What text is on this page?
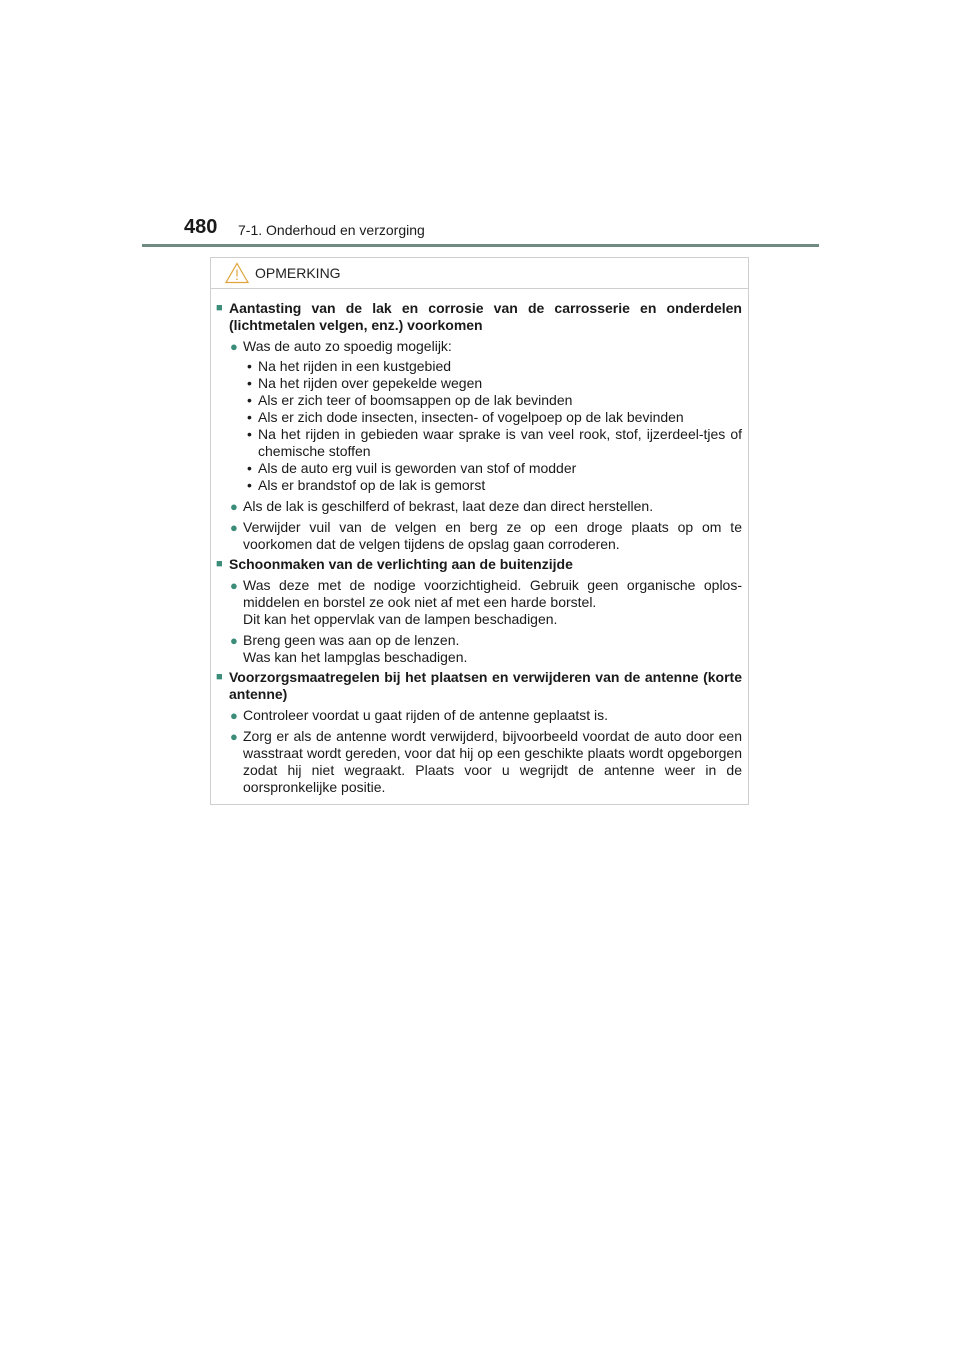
480 7-1. Onderhoud en verzorging
OPMERKING
■ Aantasting van de lak en corrosie van de carrosserie en onderdelen (lichtmetalen velgen, enz.) voorkomen
● Was de auto zo spoedig mogelijk:
• Na het rijden in een kustgebied
• Na het rijden over gepekelde wegen
• Als er zich teer of boomsappen op de lak bevinden
• Als er zich dode insecten, insecten- of vogelpoep op de lak bevinden
• Na het rijden in gebieden waar sprake is van veel rook, stof, ijzerdeel-tjes of chemische stoffen
• Als de auto erg vuil is geworden van stof of modder
• Als er brandstof op de lak is gemorst
● Als de lak is geschilferd of bekrast, laat deze dan direct herstellen.
● Verwijder vuil van de velgen en berg ze op een droge plaats op om te voorkomen dat de velgen tijdens de opslag gaan corroderen.
■ Schoonmaken van de verlichting aan de buitenzijde
● Was deze met de nodige voorzichtigheid. Gebruik geen organische oplos-middelen en borstel ze ook niet af met een harde borstel.
Dit kan het oppervlak van de lampen beschadigen.
● Breng geen was aan op de lenzen.
Was kan het lampglas beschadigen.
■ Voorzorgsmaatregelen bij het plaatsen en verwijderen van de antenne (korte antenne)
● Controleer voordat u gaat rijden of de antenne geplaatst is.
● Zorg er als de antenne wordt verwijderd, bijvoorbeeld voordat de auto door een wasstraat wordt gereden, voor dat hij op een geschikte plaats wordt opgeborgen zodat hij niet wegraakt. Plaats voor u wegrijdt de antenne weer in de oorspronkelijke positie.
